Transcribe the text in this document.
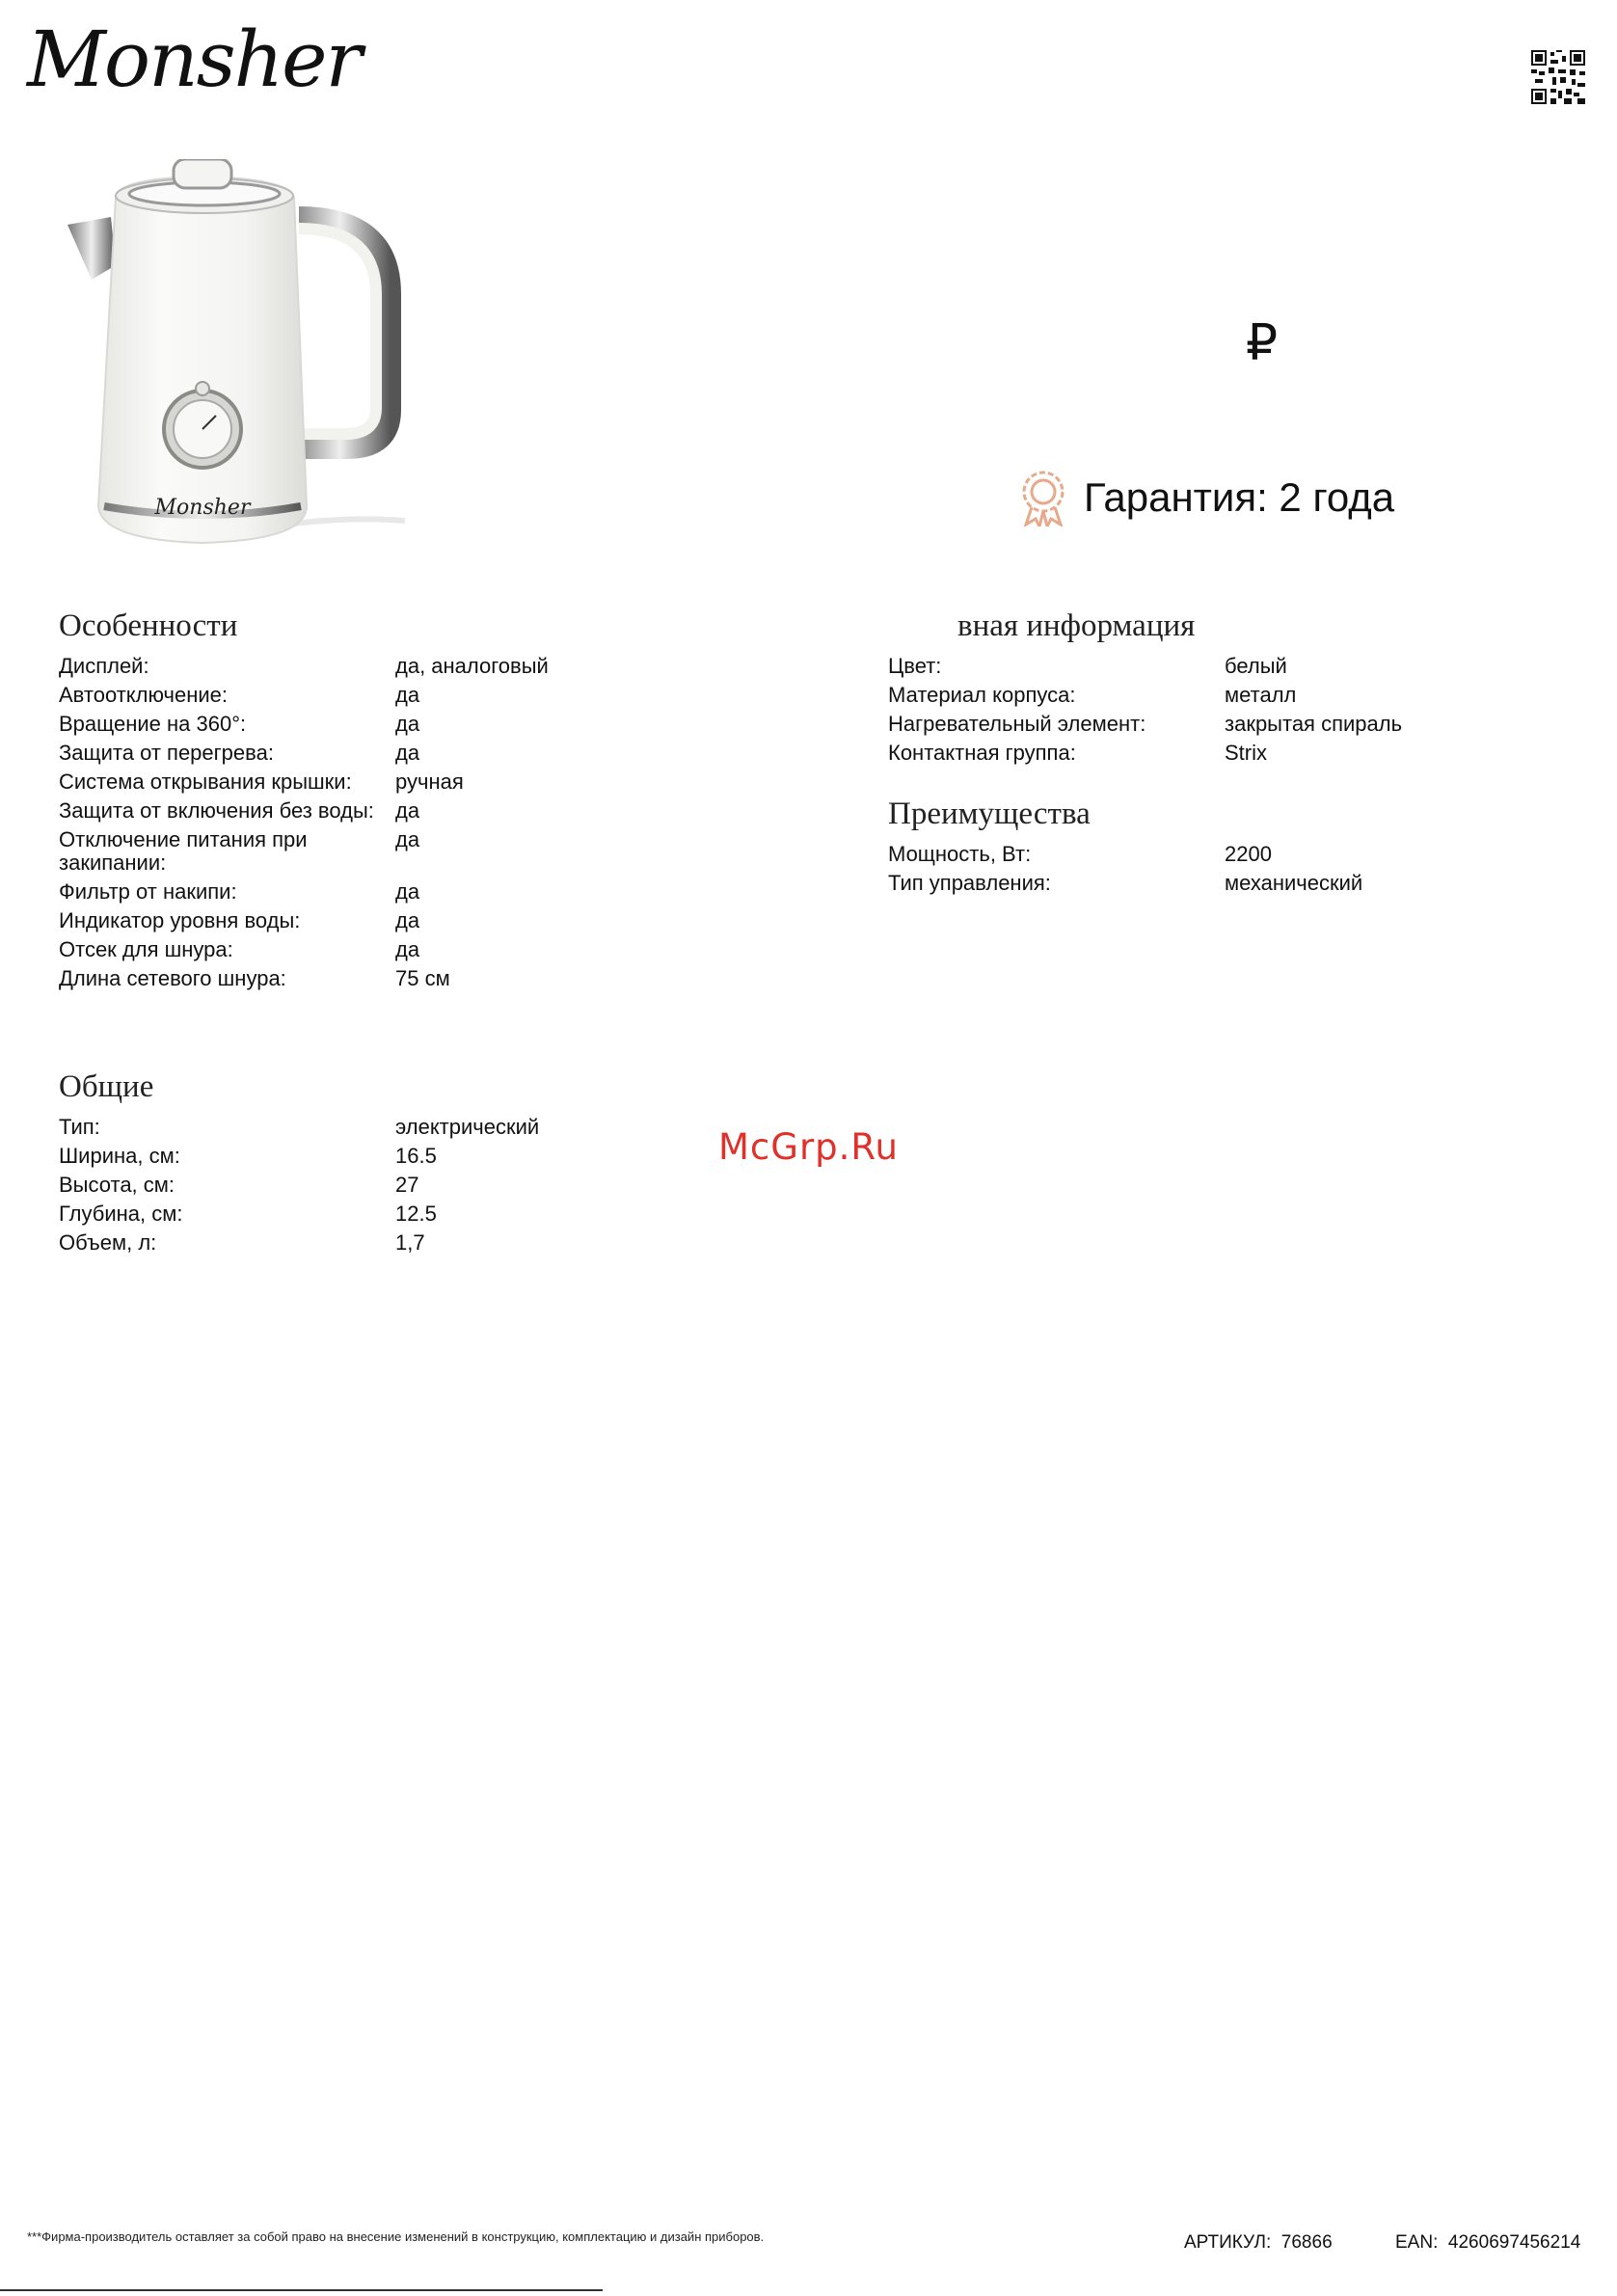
Monsher
Monsher
₽
Гарантия: 2 года
Особенности
Дисплей:	да, аналоговый
Автоотключение:	да
Вращение на 360°:	да
Защита от перегрева:	да
Система открывания крышки:	ручная
Защита от включения без воды:	да
Отключение питания при закипании:	да
Фильтр от накипи:	да
Индикатор уровня воды:	да
Отсек для шнура:	да
Длина сетевого шнура:	75 см
Общие
Тип:	электрический
Ширина, см:	16.5
Высота, см:	27
Глубина, см:	12.5
Объем, л:	1,7
вная информация
Цвет:	белый
Материал корпуса:	металл
Нагревательный элемент:	закрытая спираль
Контактная группа:	Strix
Преимущества
Мощность, Вт:	2200
Тип управления:	механический
McGrp.Ru
***Фирма-производитель оставляет за собой право на внесение изменений в конструкцию, комплектацию и дизайн приборов.	АРТИКУЛ: 76866	EAN: 4260697456214
